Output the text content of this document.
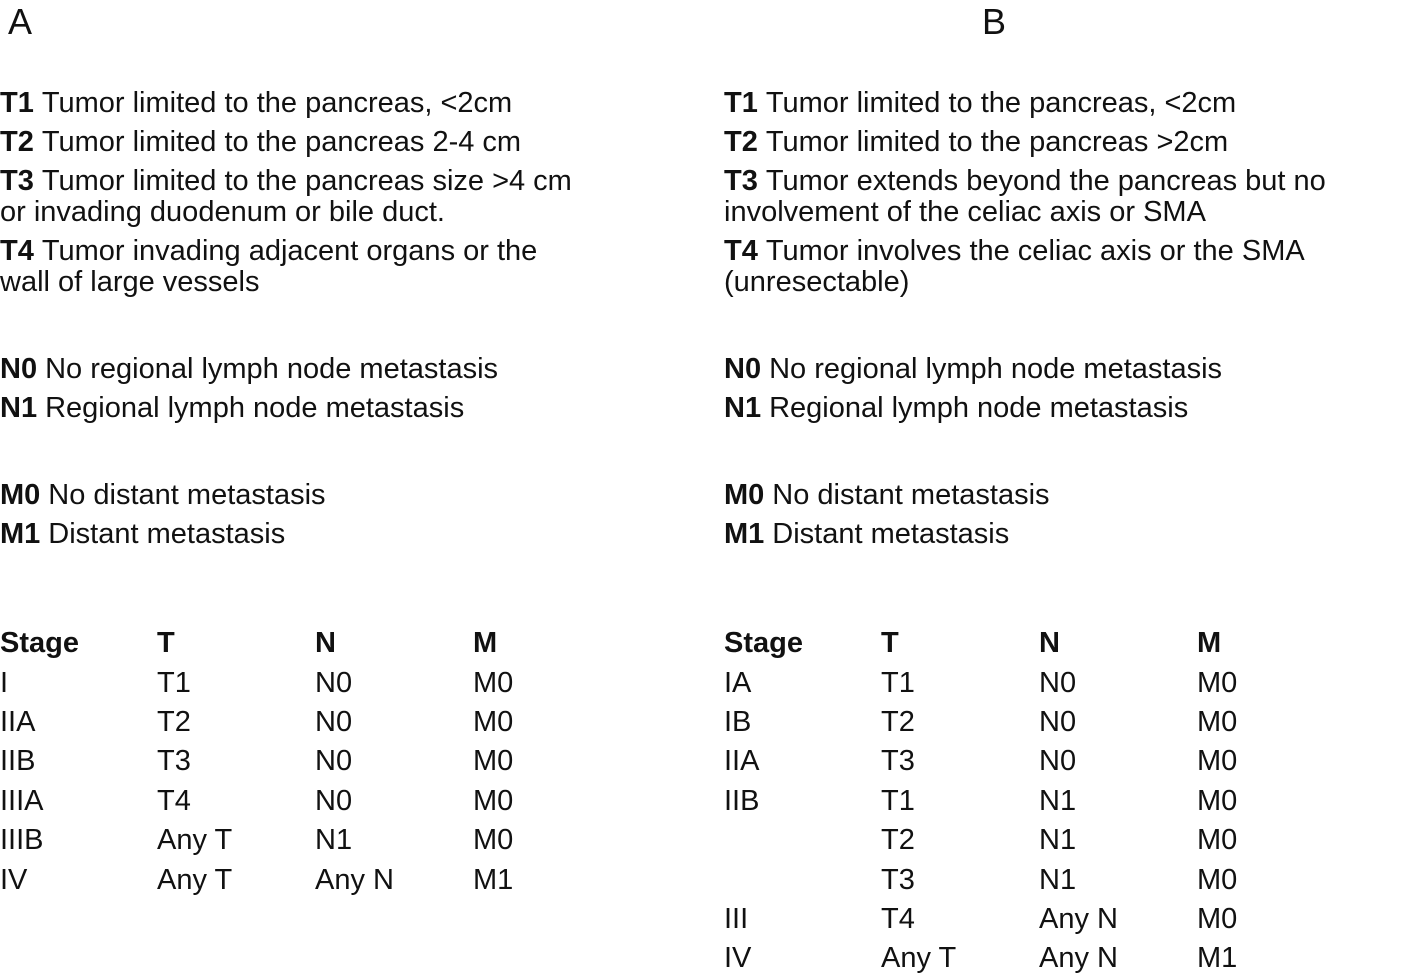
A
T1 Tumor limited to the pancreas, <2cm
T2 Tumor limited to the pancreas 2-4 cm
T3 Tumor limited to the pancreas size >4 cm
or invading duodenum or bile duct.
T4 Tumor invading adjacent organs or the
wall of large vessels
N0 No regional lymph node metastasis
N1 Regional lymph node metastasis
M0 No distant metastasis
M1 Distant metastasis
Stage	T	N	M
I	T1	N0	M0
IIA	T2	N0	M0
IIB	T3	N0	M0
IIIA	T4	N0	M0
IIIB	Any T	N1	M0
IV	Any T	Any N	M1
B
T1 Tumor limited to the pancreas, <2cm
T2 Tumor limited to the pancreas >2cm
T3 Tumor extends beyond the pancreas but no
involvement of the celiac axis or SMA
T4 Tumor involves the celiac axis or the SMA
(unresectable)
N0 No regional lymph node metastasis
N1 Regional lymph node metastasis
M0 No distant metastasis
M1 Distant metastasis
Stage	T	N	M
IA	T1	N0	M0
IB	T2	N0	M0
IIA	T3	N0	M0
IIB	T1	N1	M0
	T2	N1	M0
	T3	N1	M0
III	T4	Any N	M0
IV	Any T	Any N	M1
